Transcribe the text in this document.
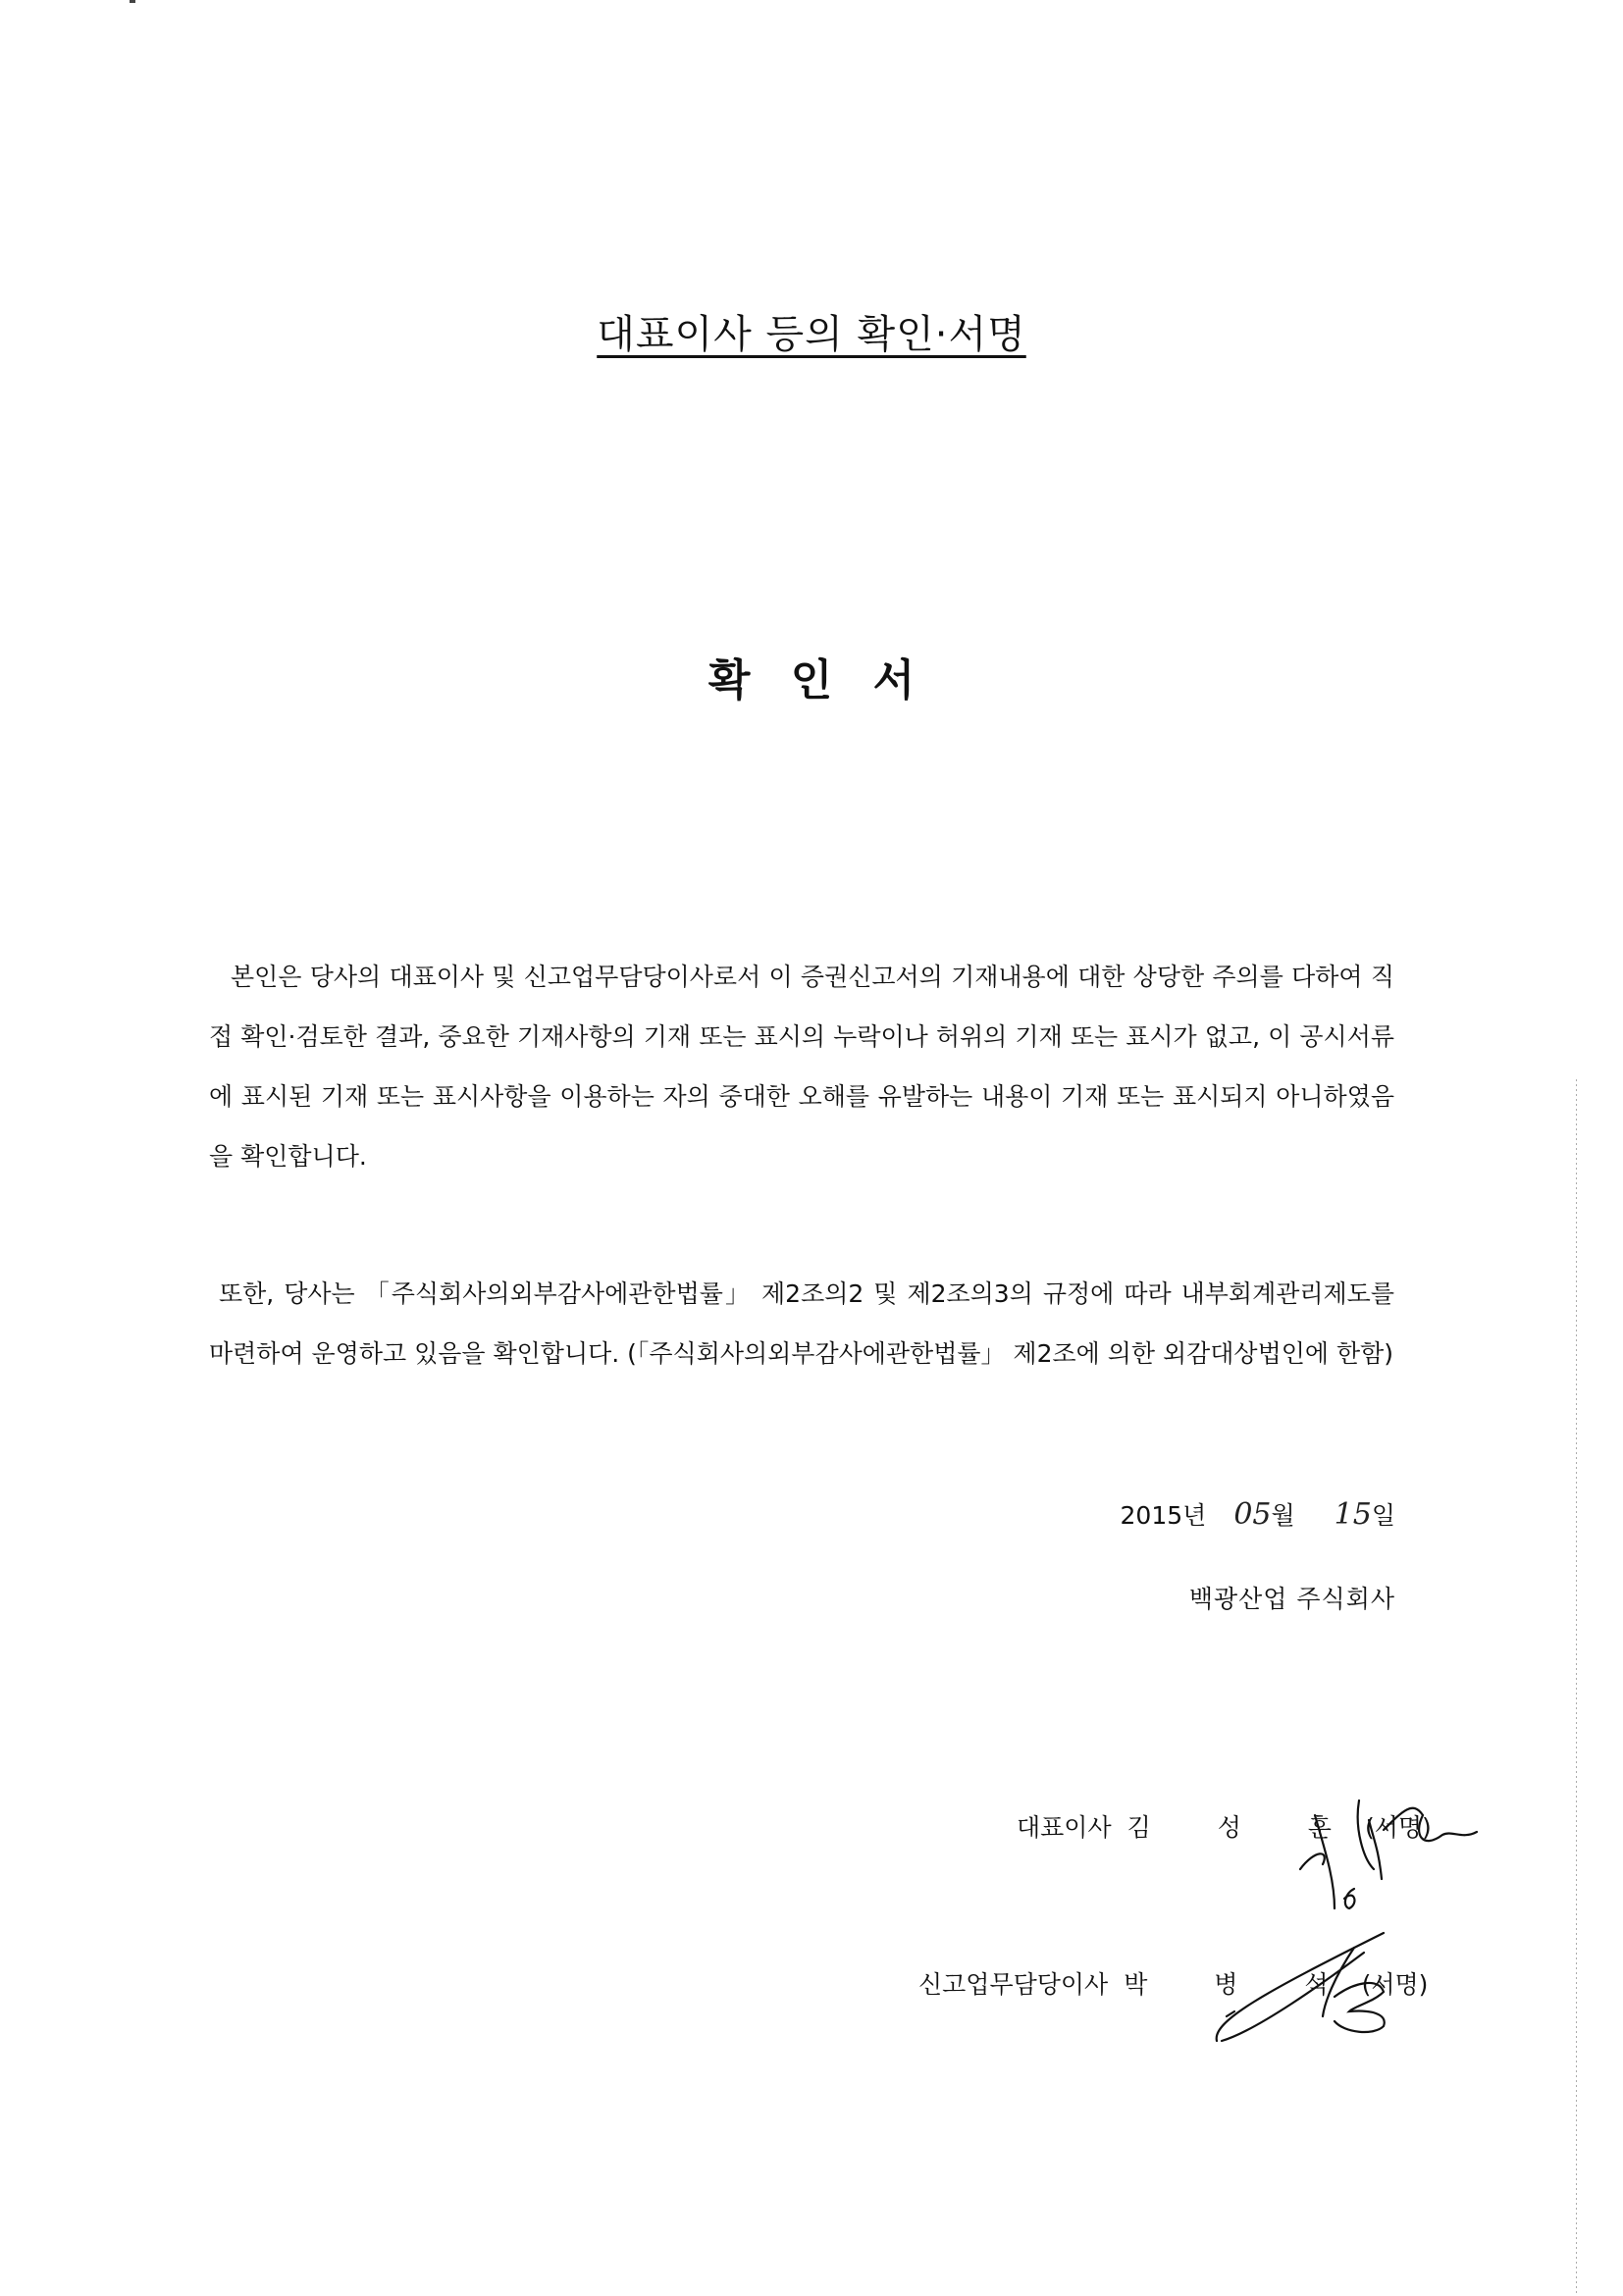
대표이사 등의 확인·서명
확 인 서

본인은 당사의 대표이사 및 신고업무담당이사로서 이 증권신고서의 기재내용에 대한 상당한 주의를 다하여 직접 확인·검토한 결과, 중요한 기재사항의 기재 또는 표시의 누락이나 허위의 기재 또는 표시가 없고, 이 공시서류에 표시된 기재 또는 표시사항을 이용하는 자의 중대한 오해를 유발하는 내용이 기재 또는 표시되지 아니하였음을 확인합니다.

또한, 당사는 「주식회사의외부감사에관한법률」 제2조의2 및 제2조의3의 규정에 따라 내부회계관리제도를 마련하여 운영하고 있음을 확인합니다. (「주식회사의외부감사에관한법률」 제2조에 의한 외감대상법인에 한함)

2015 년 05 월 15 일
백광산업 주식회사
대표이사 김 성 훈 (서명)
신고업무담당이사 박 병 석 (서명)
